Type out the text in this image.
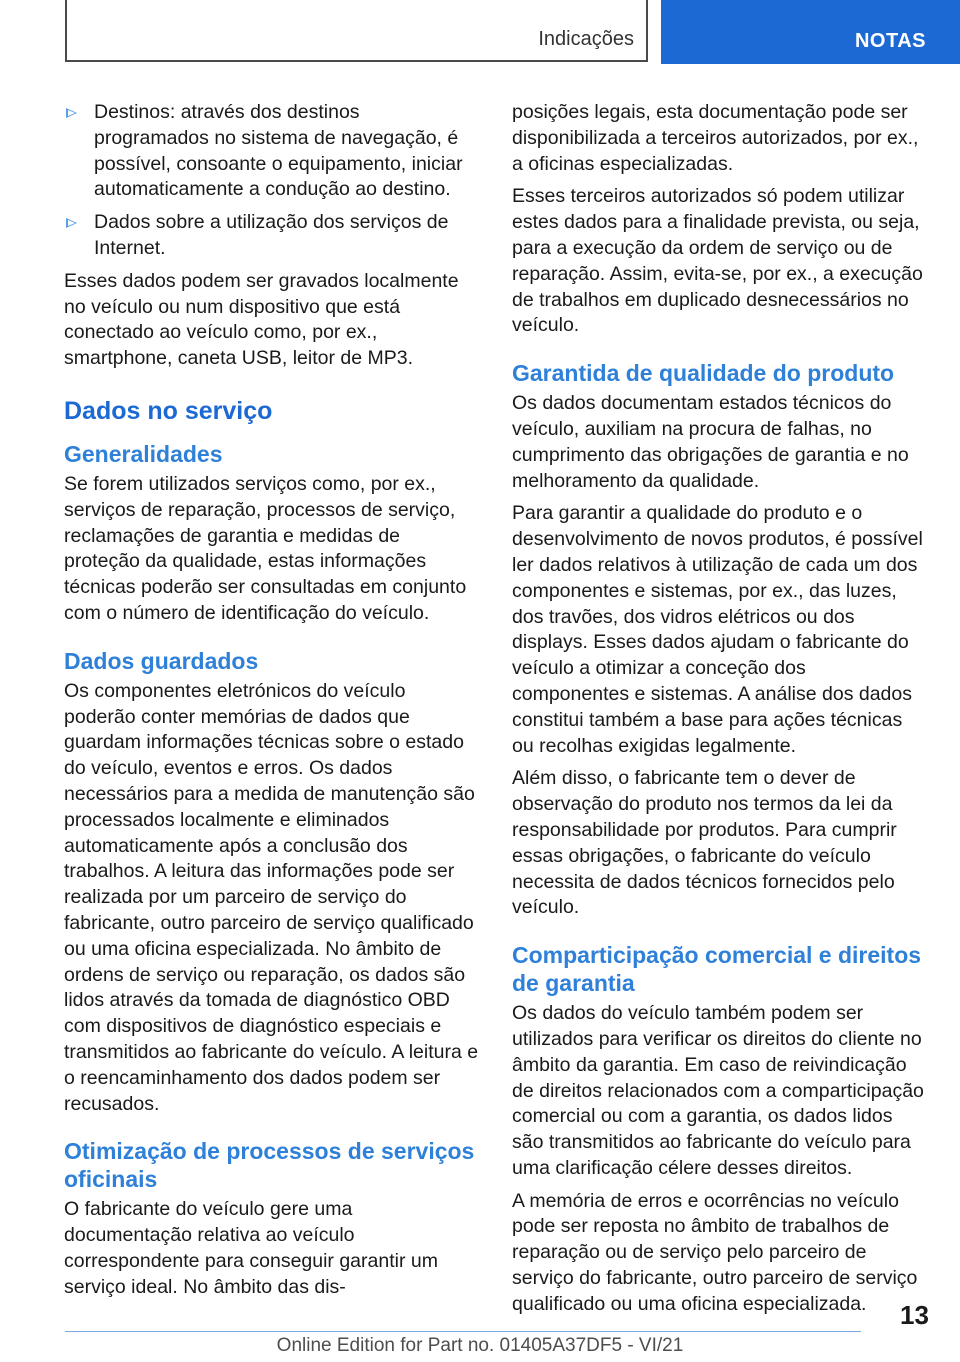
Indicações	NOTAS
Destinos: através dos destinos programados no sistema de navegação, é possível, consoante o equipamento, iniciar automaticamente a condução ao destino.
Dados sobre a utilização dos serviços de Internet.

Esses dados podem ser gravados localmente no veículo ou num dispositivo que está conectado ao veículo como, por ex., smartphone, caneta USB, leitor de MP3.

Dados no serviço
Generalidades

Se forem utilizados serviços como, por ex., serviços de reparação, processos de serviço, reclamações de garantia e medidas de proteção da qualidade, estas informações técnicas poderão ser consultadas em conjunto com o número de identificação do veículo.

Dados guardados

Os componentes eletrónicos do veículo poderão conter memórias de dados que guardam informações técnicas sobre o estado do veículo, eventos e erros. Os dados necessários para a medida de manutenção são processados localmente e eliminados automaticamente após a conclusão dos trabalhos. A leitura das informações pode ser realizada por um parceiro de serviço do fabricante, outro parceiro de serviço qualificado ou uma oficina especializada. No âmbito de ordens de serviço ou reparação, os dados são lidos através da tomada de diagnóstico OBD com dispositivos de diagnóstico especiais e transmitidos ao fabricante do veículo. A leitura e o reencaminhamento dos dados podem ser recusados.

Otimização de processos de serviços oficinais

O fabricante do veículo gere uma documentação relativa ao veículo correspondente para conseguir garantir um serviço ideal. No âmbito das dis-

posições legais, esta documentação pode ser disponibilizada a terceiros autorizados, por ex., a oficinas especializadas.

Esses terceiros autorizados só podem utilizar estes dados para a finalidade prevista, ou seja, para a execução da ordem de serviço ou de reparação. Assim, evita-se, por ex., a execução de trabalhos em duplicado desnecessários no veículo.

Garantida de qualidade do produto

Os dados documentam estados técnicos do veículo, auxiliam na procura de falhas, no cumprimento das obrigações de garantia e no melhoramento da qualidade.

Para garantir a qualidade do produto e o desenvolvimento de novos produtos, é possível ler dados relativos à utilização de cada um dos componentes e sistemas, por ex., das luzes, dos travões, dos vidros elétricos ou dos displays. Esses dados ajudam o fabricante do veículo a otimizar a conceção dos componentes e sistemas. A análise dos dados constitui também a base para ações técnicas ou recolhas exigidas legalmente.

Além disso, o fabricante tem o dever de observação do produto nos termos da lei da responsabilidade por produtos. Para cumprir essas obrigações, o fabricante do veículo necessita de dados técnicos fornecidos pelo veículo.

Comparticipação comercial e direitos de garantia

Os dados do veículo também podem ser utilizados para verificar os direitos do cliente no âmbito da garantia. Em caso de reivindicação de direitos relacionados com a comparticipação comercial ou com a garantia, os dados lidos são transmitidos ao fabricante do veículo para uma clarificação célere desses direitos.

A memória de erros e ocorrências no veículo pode ser reposta no âmbito de trabalhos de reparação ou de serviço pelo parceiro de serviço do fabricante, outro parceiro de serviço qualificado ou uma oficina especializada.	13
Online Edition for Part no. 01405A37DF5 - VI/21
